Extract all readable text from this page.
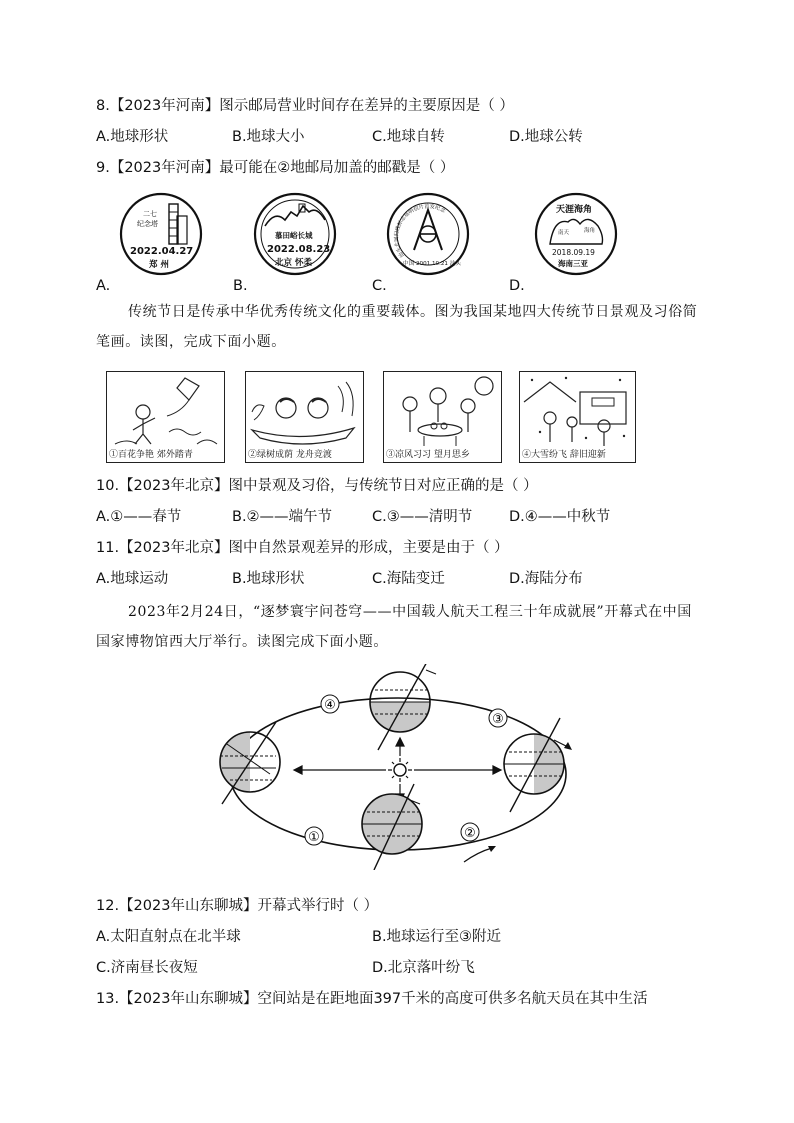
8.【2023年河南】图示邮局营业时间存在差异的主要原因是（ ）
A.地球形状	B.地球大小	C.地球自转	D.地球公转
9.【2023年河南】最可能在②地邮局加盖的邮戳是（ ）
A.
二七
纪念塔
2022.04.27
郑 州
B.
慕田峪长城
2022.08.23
北京 怀柔
C.
汕头北回归线标志塔明信片首发纪念
中国 2001.10.21 汕头
D.
天涯海角
南天	海角
2018.09.19
海南三亚
传统节日是传承中华优秀传统文化的重要载体。图为我国某地四大传统节日景观及习俗简笔画。读图，完成下面小题。
①百花争艳 郊外踏青	②绿树成荫 龙舟竞渡	③凉风习习 望月思乡	④大雪纷飞 辞旧迎新
10.【2023年北京】图中景观及习俗，与传统节日对应正确的是（ ）
A.①——春节	B.②——端午节	C.③——清明节	D.④——中秋节
11.【2023年北京】图中自然景观差异的形成，主要是由于（ ）
A.地球运动	B.地球形状	C.海陆变迁	D.海陆分布
2023年2月24日，“逐梦寰宇问苍穹——中国载人航天工程三十年成就展”开幕式在中国国家博物馆西大厅举行。读图完成下面小题。
①	②
③
④
12.【2023年山东聊城】开幕式举行时（ ）
A.太阳直射点在北半球	B.地球运行至③附近
C.济南昼长夜短	D.北京落叶纷飞
13.【2023年山东聊城】空间站是在距地面397千米的高度可供多名航天员在其中生活
